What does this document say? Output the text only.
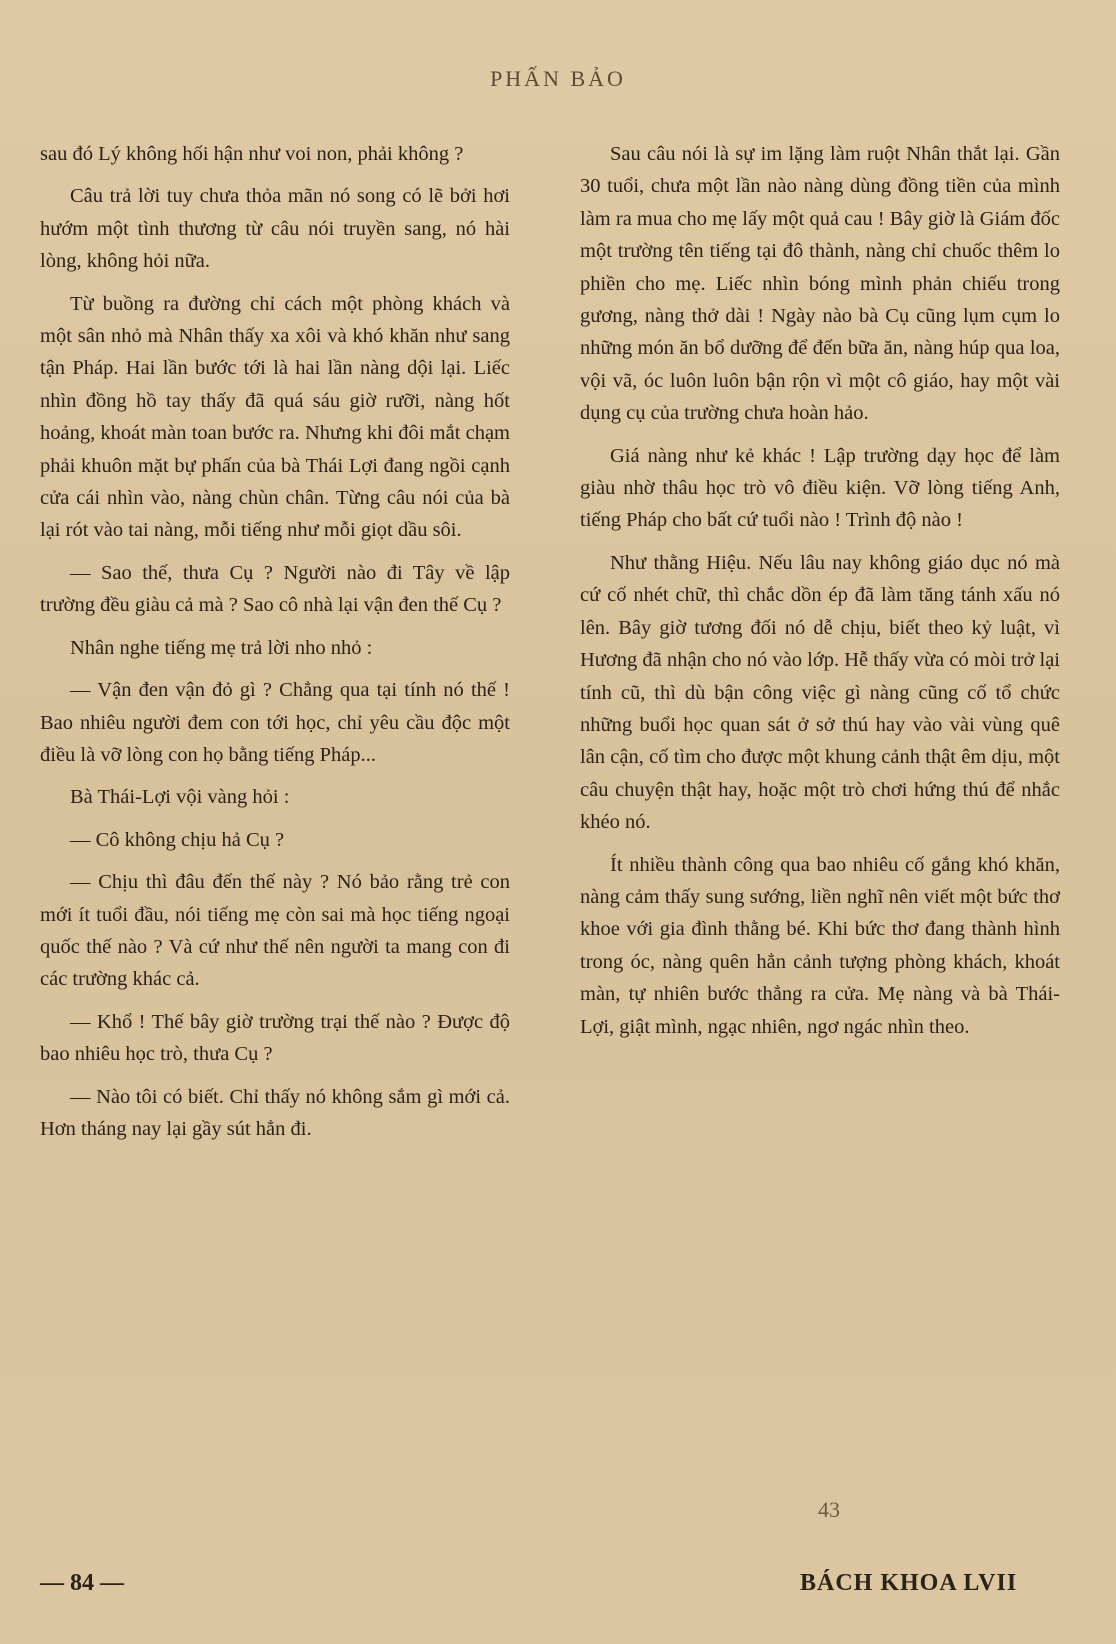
PHẤN BẢO

sau đó Lý không hối hận như voi non, phải không ?

Câu trả lời tuy chưa thỏa mãn nó song có lẽ bởi hơi hướm một tình thương từ câu nói truyền sang, nó hài lòng, không hỏi nữa.

Từ buồng ra đường chỉ cách một phòng khách và một sân nhỏ mà Nhân thấy xa xôi và khó khăn như sang tận Pháp. Hai lần bước tới là hai lần nàng dội lại. Liếc nhìn đồng hồ tay thấy đã quá sáu giờ rưỡi, nàng hốt hoảng, khoát màn toan bước ra. Nhưng khi đôi mắt chạm phải khuôn mặt bự phấn của bà Thái Lợi đang ngồi cạnh cửa cái nhìn vào, nàng chùn chân. Từng câu nói của bà lại rót vào tai nàng, mỗi tiếng như mỗi giọt dầu sôi.

— Sao thế, thưa Cụ ? Người nào đi Tây về lập trường đều giàu cả mà ? Sao cô nhà lại vận đen thế Cụ ?

Nhân nghe tiếng mẹ trả lời nho nhỏ :

— Vận đen vận đỏ gì ? Chẳng qua tại tính nó thế ! Bao nhiêu người đem con tới học, chỉ yêu cầu độc một điều là vỡ lòng con họ bằng tiếng Pháp...

Bà Thái-Lợi vội vàng hỏi :

— Cô không chịu hả Cụ ?

— Chịu thì đâu đến thế này ? Nó bảo rằng trẻ con mới ít tuổi đầu, nói tiếng mẹ còn sai mà học tiếng ngoại quốc thế nào ? Và cứ như thế nên người ta mang con đi các trường khác cả.

— Khổ ! Thế bây giờ trường trại thế nào ? Được độ bao nhiêu học trò, thưa Cụ ?

— Nào tôi có biết. Chỉ thấy nó không sắm gì mới cả. Hơn tháng nay lại gầy sút hẳn đi.

Sau câu nói là sự im lặng làm ruột Nhân thắt lại. Gần 30 tuổi, chưa một lần nào nàng dùng đồng tiền của mình làm ra mua cho mẹ lấy một quả cau ! Bây giờ là Giám đốc một trường tên tiếng tại đô thành, nàng chỉ chuốc thêm lo phiền cho mẹ. Liếc nhìn bóng mình phản chiếu trong gương, nàng thở dài ! Ngày nào bà Cụ cũng lụm cụm lo những món ăn bổ dưỡng để đến bữa ăn, nàng húp qua loa, vội vã, óc luôn luôn bận rộn vì một cô giáo, hay một vài dụng cụ của trường chưa hoàn hảo.

Giá nàng như kẻ khác ! Lập trường dạy học để làm giàu nhờ thâu học trò vô điều kiện. Vỡ lòng tiếng Anh, tiếng Pháp cho bất cứ tuổi nào ! Trình độ nào !

Như thằng Hiệu. Nếu lâu nay không giáo dục nó mà cứ cố nhét chữ, thì chắc dồn ép đã làm tăng tánh xấu nó lên. Bây giờ tương đối nó dễ chịu, biết theo kỷ luật, vì Hương đã nhận cho nó vào lớp. Hễ thấy vừa có mòi trở lại tính cũ, thì dù bận công việc gì nàng cũng cố tổ chức những buổi học quan sát ở sở thú hay vào vài vùng quê lân cận, cố tìm cho được một khung cảnh thật êm dịu, một câu chuyện thật hay, hoặc một trò chơi hứng thú để nhắc khéo nó.

Ít nhiều thành công qua bao nhiêu cố gắng khó khăn, nàng cảm thấy sung sướng, liền nghĩ nên viết một bức thơ khoe với gia đình thằng bé. Khi bức thơ đang thành hình trong óc, nàng quên hẳn cảnh tượng phòng khách, khoát màn, tự nhiên bước thẳng ra cửa. Mẹ nàng và bà Thái-Lợi, giật mình, ngạc nhiên, ngơ ngác nhìn theo.

43
— 84 —	BÁCH KHOA LVII
